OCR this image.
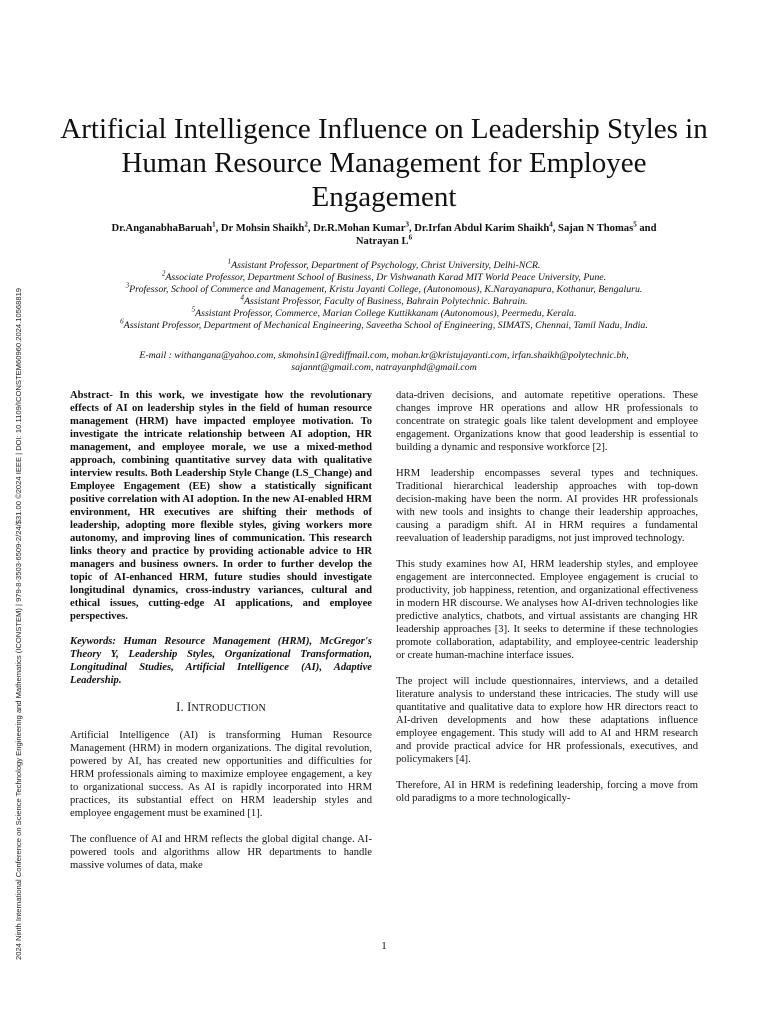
2024 Ninth International Conference on Science Technology Engineering and Mathematics (ICONSTEM) | 979-8-3503-6509-2/24/$31.00 ©2024 IEEE | DOI: 10.1109/ICONSTEM60960.2024.10568819
Artificial Intelligence Influence on Leadership Styles in Human Resource Management for Employee Engagement
Dr.AnganabhaBaruah$^1$, Dr Mohsin Shaikh$^2$, Dr.R.Mohan Kumar$^3$, Dr.Irfan Abdul Karim Shaikh$^4$, Sajan N Thomas$^5$ and
Natrayan $L^6$
$^1$Assistant Professor, Department of Psychology, Christ University, Delhi-NCR.
$^2$Associate Professor, Department School of Business, Dr Vishwanath Karad MIT World Peace University, Pune.
$^3$Professor, School of Commerce and Management, Kristu Jayanti College, (Autonomous), K.Narayanapura, Kothanur, Bengaluru.
$^4$Assistant Professor, Faculty of Business, Bahrain Polytechnic. Bahrain.
$^5$Assistant Professor, Commerce, Marian College Kuttikkanam (Autonomous), Peermedu, Kerala.
$^6$Assistant Professor, Department of Mechanical Engineering, Saveetha School of Engineering, SIMATS, Chennai, Tamil Nadu, India.
E-mail : withangana@yahoo.com, skmohsin1@rediffmail.com, mohan.kr@kristujayanti.com, irfan.shaikh@polytechnic.bh,
sajannt@gmail.com, natrayanphd@gmail.com

Abstract- In this work, we investigate how the revolutionary effects of AI on leadership styles in the field of human resource management (HRM) have impacted employee motivation. To investigate the intricate relationship between AI adoption, HR management, and employee morale, we use a mixed-method approach, combining quantitative survey data with qualitative interview results. Both Leadership Style Change (LS_Change) and Employee Engagement (EE) show a statistically significant positive correlation with AI adoption. In the new AI-enabled HRM environment, HR executives are shifting their methods of leadership, adopting more flexible styles, giving workers more autonomy, and improving lines of communication. This research links theory and practice by providing actionable advice to HR managers and business owners. In order to further develop the topic of AI-enhanced HRM, future studies should investigate longitudinal dynamics, cross-industry variances, cultural and ethical issues, cutting-edge AI applications, and employee perspectives.

Keywords: Human Resource Management (HRM), McGregor's Theory Y, Leadership Styles, Organizational Transformation, Longitudinal Studies, Artificial Intelligence (AI), Adaptive Leadership.

I. INTRODUCTION

Artificial Intelligence (AI) is transforming Human Resource Management (HRM) in modern organizations. The digital revolution, powered by AI, has created new opportunities and difficulties for HRM professionals aiming to maximize employee engagement, a key to organizational success. As AI is rapidly incorporated into HRM practices, its substantial effect on HRM leadership styles and employee engagement must be examined [1].

The confluence of AI and HRM reflects the global digital change. AI-powered tools and algorithms allow HR departments to handle massive volumes of data, make

data-driven decisions, and automate repetitive operations. These changes improve HR operations and allow HR professionals to concentrate on strategic goals like talent development and employee engagement. Organizations know that good leadership is essential to building a dynamic and responsive workforce [2].

HRM leadership encompasses several types and techniques. Traditional hierarchical leadership approaches with top-down decision-making have been the norm. AI provides HR professionals with new tools and insights to change their leadership approaches, causing a paradigm shift. AI in HRM requires a fundamental reevaluation of leadership paradigms, not just improved technology.

This study examines how AI, HRM leadership styles, and employee engagement are interconnected. Employee engagement is crucial to productivity, job happiness, retention, and organizational effectiveness in modern HR discourse. We analyses how AI-driven technologies like predictive analytics, chatbots, and virtual assistants are changing HR leadership approaches [3]. It seeks to determine if these technologies promote collaboration, adaptability, and employee-centric leadership or create human-machine interface issues.

The project will include questionnaires, interviews, and a detailed literature analysis to understand these intricacies. The study will use quantitative and qualitative data to explore how HR directors react to AI-driven developments and how these adaptations influence employee engagement. This study will add to AI and HRM research and provide practical advice for HR professionals, executives, and policymakers [4].

Therefore, AI in HRM is redefining leadership, forcing a move from old paradigms to a more technologically-

1
